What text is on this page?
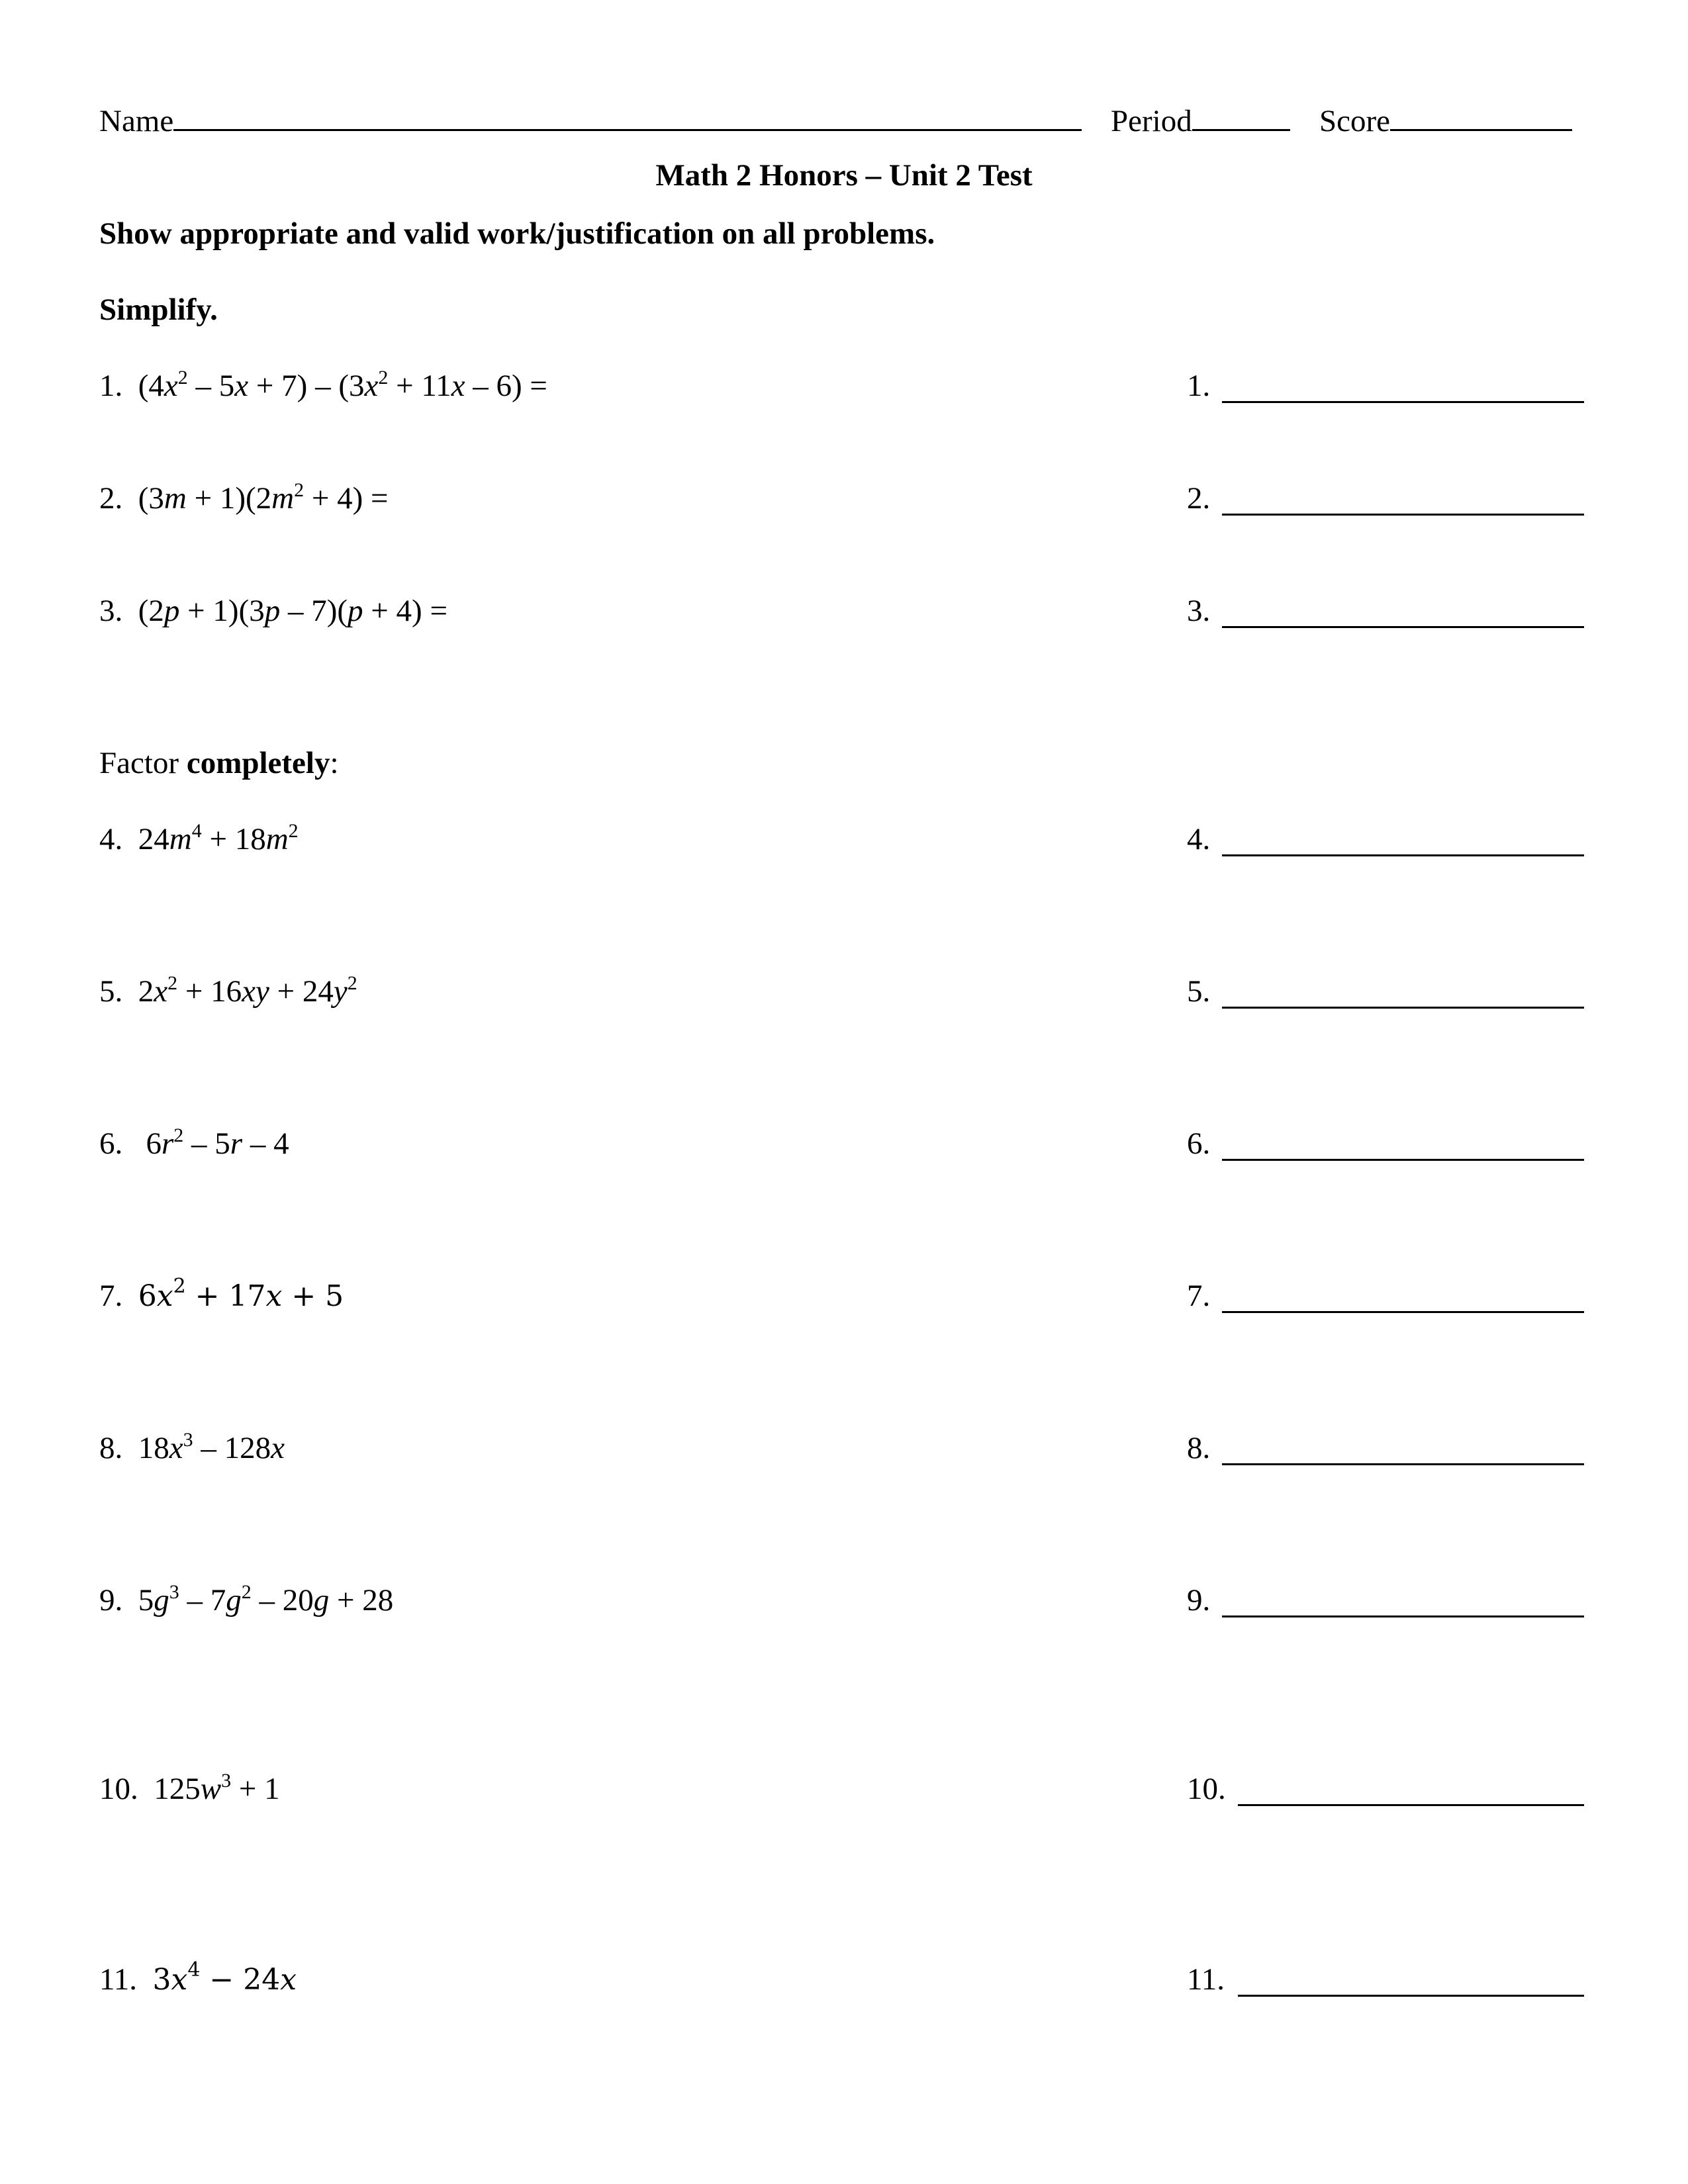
Name	Period	Score
Math 2 Honors – Unit 2 Test
Show appropriate and valid work/justification on all problems.
Simplify.
1.  $(4x^2 - 5x + 7) - (3x^2 + 11x - 6)$ =	1.
2.  $(3m + 1)(2m^2 + 4)$ =	2.
3.  (2p + 1)(3p – 7)(p + 4) =	3.
Factor completely:
4.  $24m^4 + 18m^2$	4.
5.  $2x^2 + 16xy + 24y^2$	5.
6.   $6r^2 - 5r - 4$	6.
7. $6x^2 + 17x + 5$	7.
8.  $18x^3 - 128x$	8.
9.  $5g^3 - 7g^2 - 20g + 28$	9.
10.  $125w^3 + 1$	10.
11. $3x^4 - 24x$	11.
